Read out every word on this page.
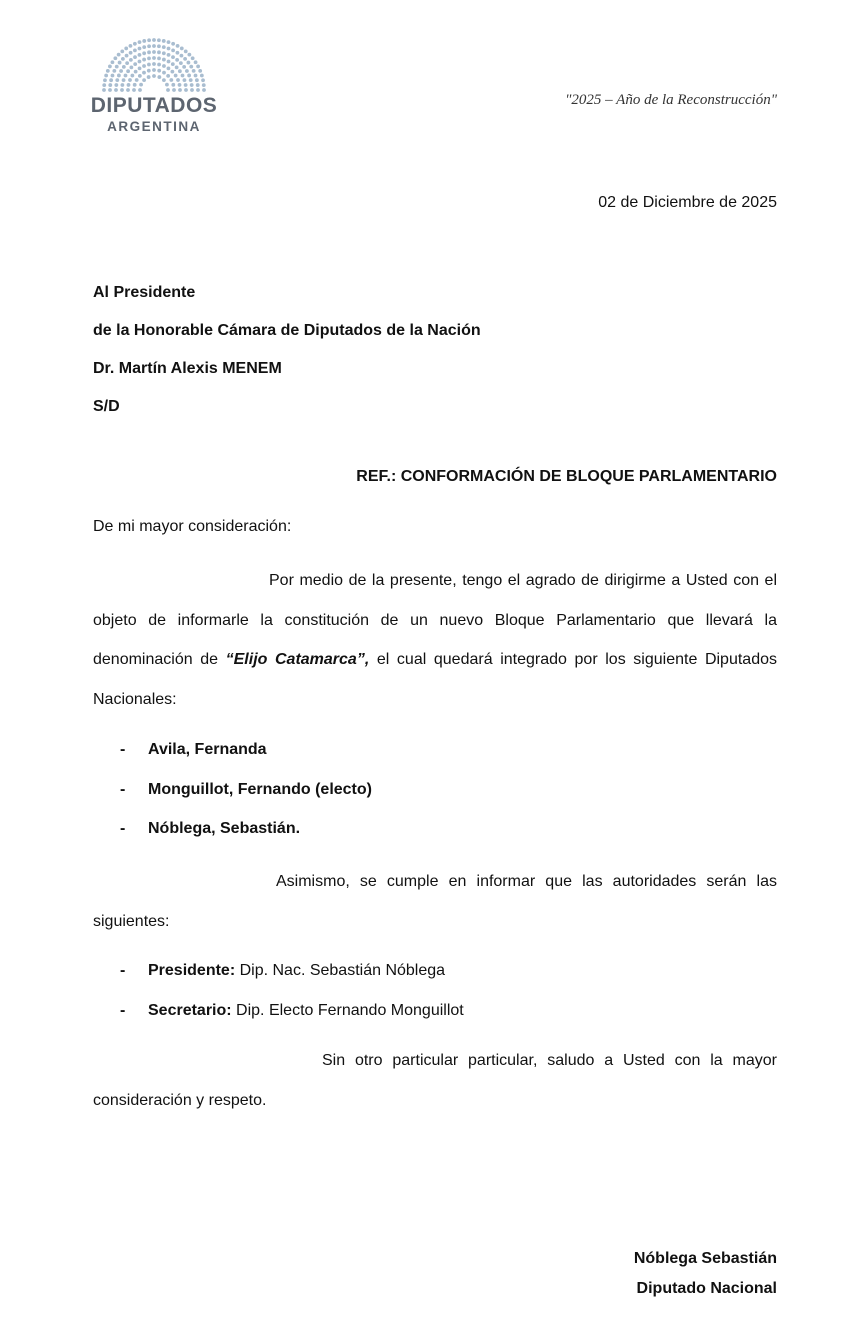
DIPUTADOS
ARGENTINA
"2025 – Año de la Reconstrucción"
02 de Diciembre de 2025
Al Presidente
de la Honorable Cámara de Diputados de la Nación
Dr. Martín Alexis MENEM
S/D
REF.: CONFORMACIÓN DE BLOQUE PARLAMENTARIO
De mi mayor consideración:
Por medio de la presente, tengo el agrado de dirigirme a Usted con el objeto de informarle la constitución de un nuevo Bloque Parlamentario que llevará la denominación de “Elijo Catamarca”, el cual quedará integrado por los siguiente Diputados Nacionales:
- Avila, Fernanda
- Monguillot, Fernando (electo)
- Nóblega, Sebastián.
Asimismo, se cumple en informar que las autoridades serán las siguientes:
- Presidente: Dip. Nac. Sebastián Nóblega
- Secretario: Dip. Electo Fernando Monguillot
Sin otro particular particular, saludo a Usted con la mayor consideración y respeto.
Nóblega Sebastián
Diputado Nacional
